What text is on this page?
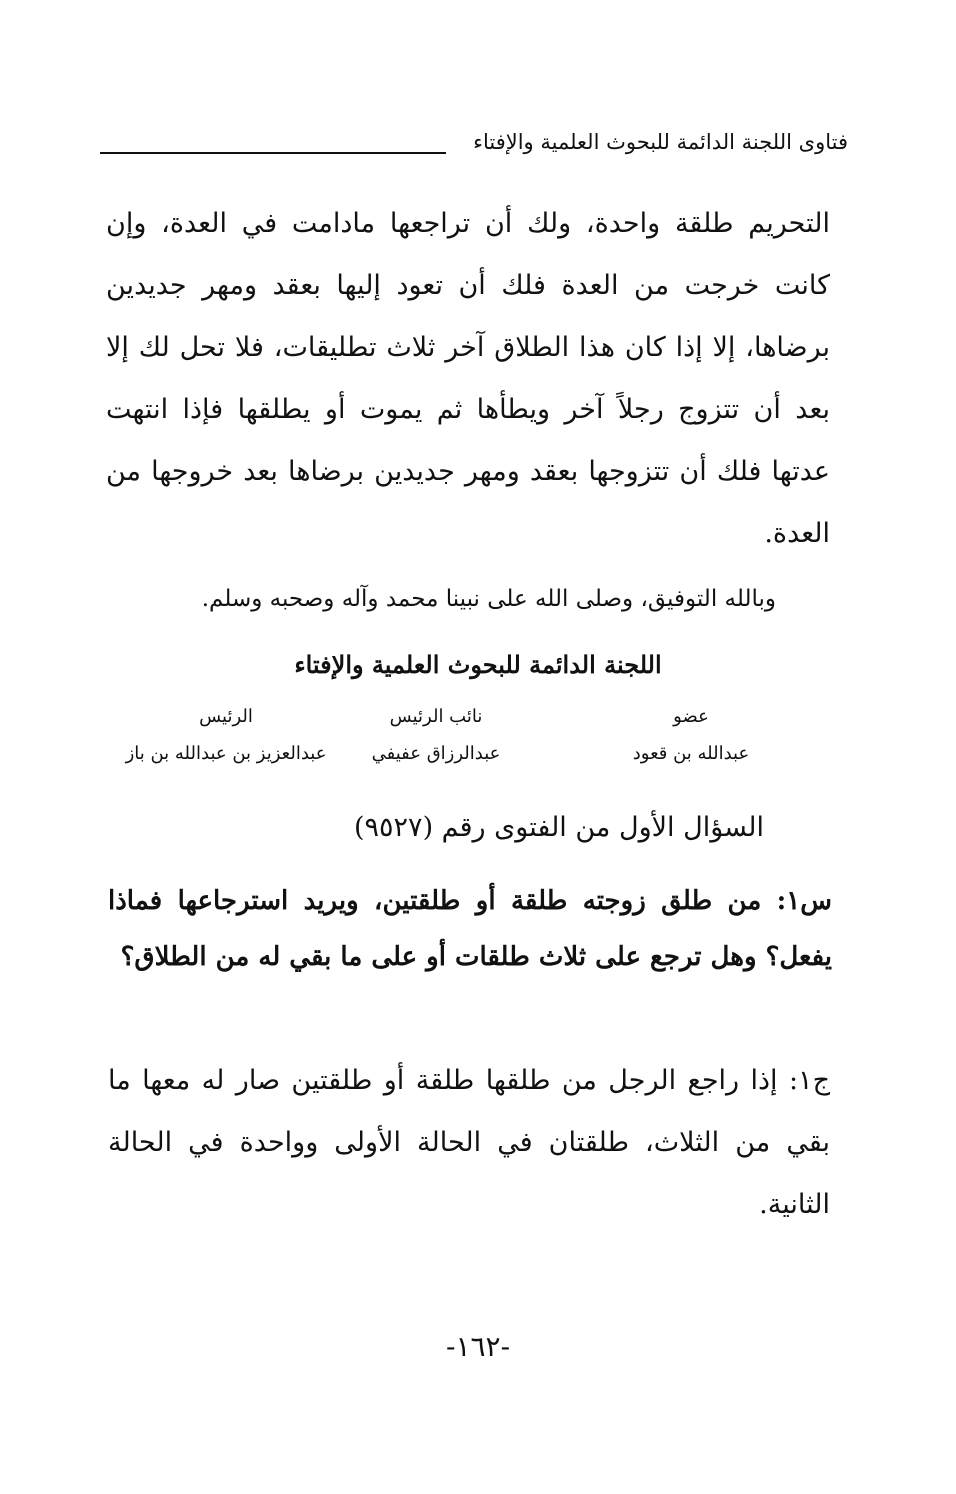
فتاوى اللجنة الدائمة للبحوث العلمية والإفتاء

التحريم طلقة واحدة، ولك أن تراجعها مادامت في العدة، وإن كانت خرجت من العدة فلك أن تعود إليها بعقد ومهر جديدين برضاها، إلا إذا كان هذا الطلاق آخر ثلاث تطليقات، فلا تحل لك إلا بعد أن تتزوج رجلاً آخر ويطأها ثم يموت أو يطلقها فإذا انتهت عدتها فلك أن تتزوجها بعقد ومهر جديدين برضاها بعد خروجها من العدة.

وبالله التوفيق، وصلى الله على نبينا محمد وآله وصحبه وسلم.
اللجنة الدائمة للبحوث العلمية والإفتاء
عضو
عبدالله بن قعود
نائب الرئيس
عبدالرزاق عفيفي
الرئيس
عبدالعزيز بن عبدالله بن باز
السؤال الأول من الفتوى رقم (٩٥٢٧)

س١: من طلق زوجته طلقة أو طلقتين، ويريد استرجاعها فماذا يفعل؟ وهل ترجع على ثلاث طلقات أو على ما بقي له من الطلاق؟

ج١: إذا راجع الرجل من طلقها طلقة أو طلقتين صار له معها ما بقي من الثلاث، طلقتان في الحالة الأولى وواحدة في الحالة الثانية.

-١٦٢-
